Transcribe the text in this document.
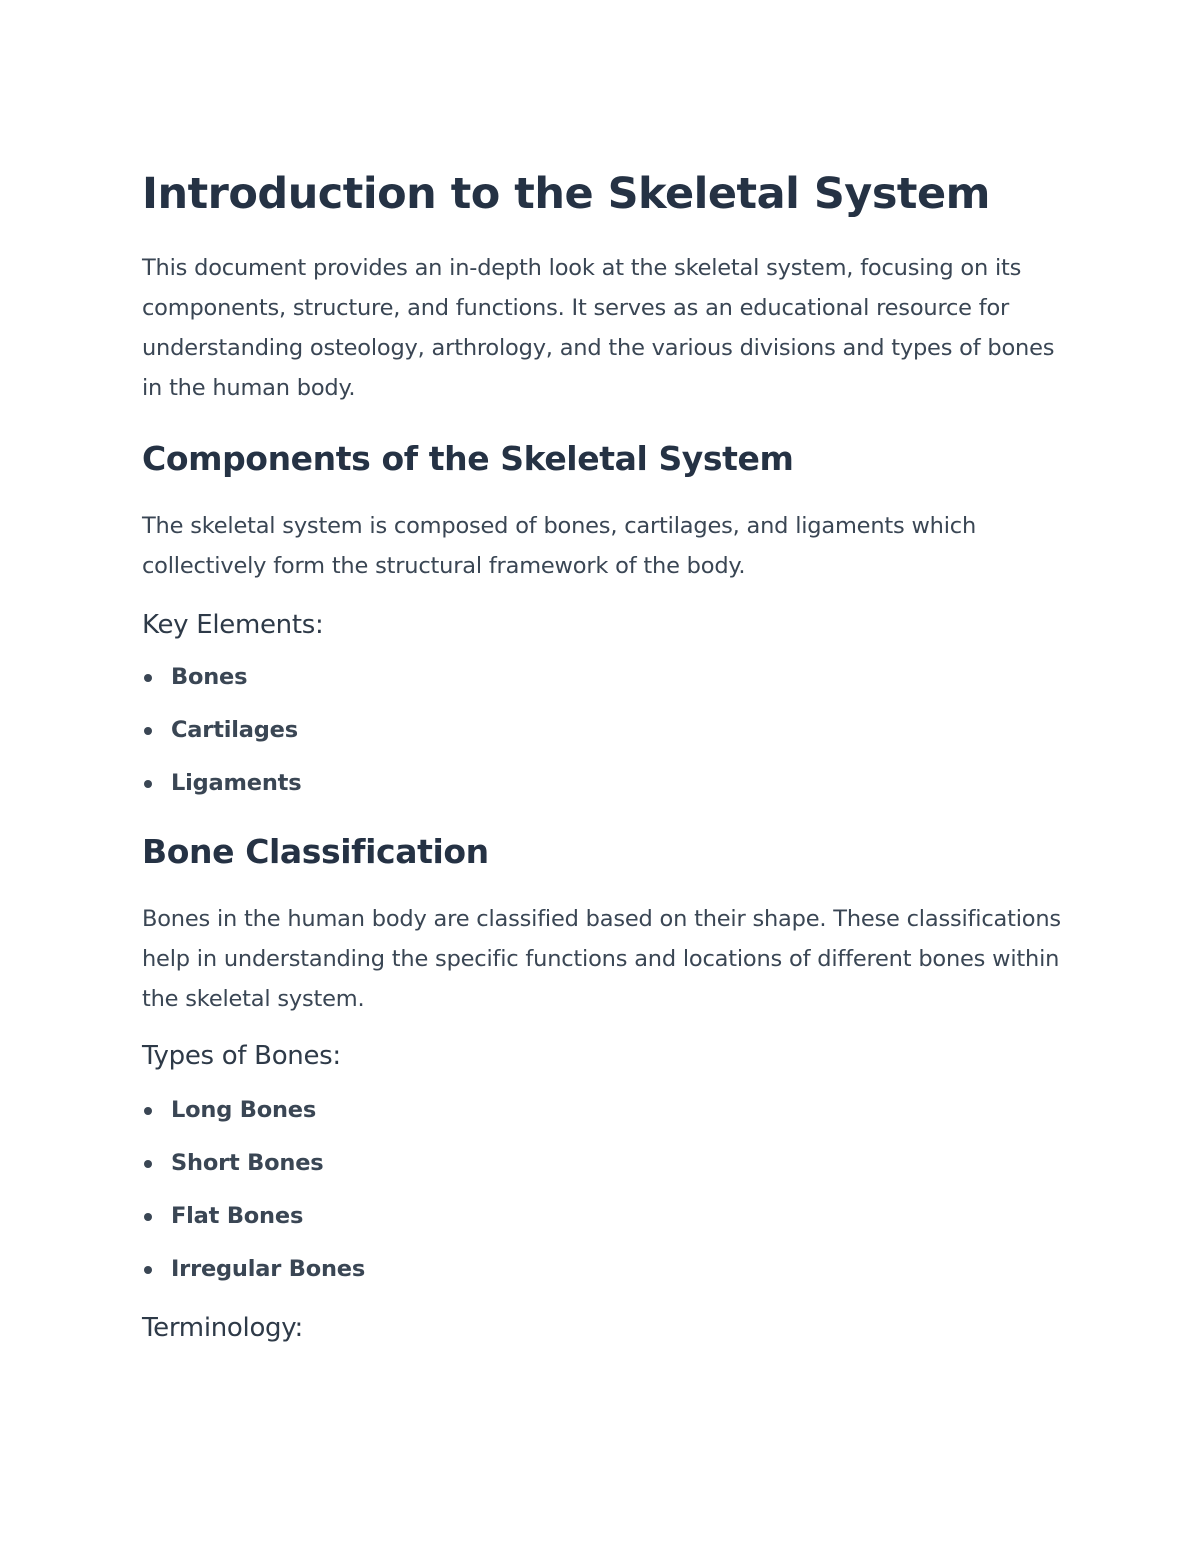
Introduction to the Skeletal System

This document provides an in-depth look at the skeletal system, focusing on its components, structure, and functions. It serves as an educational resource for understanding osteology, arthrology, and the various divisions and types of bones in the human body.

Components of the Skeletal System

The skeletal system is composed of bones, cartilages, and ligaments which collectively form the structural framework of the body.

Key Elements:
Bones
Cartilages
Ligaments
Bone Classification

Bones in the human body are classified based on their shape. These classifications help in understanding the specific functions and locations of different bones within the skeletal system.

Types of Bones:
Long Bones
Short Bones
Flat Bones
Irregular Bones
Terminology:
